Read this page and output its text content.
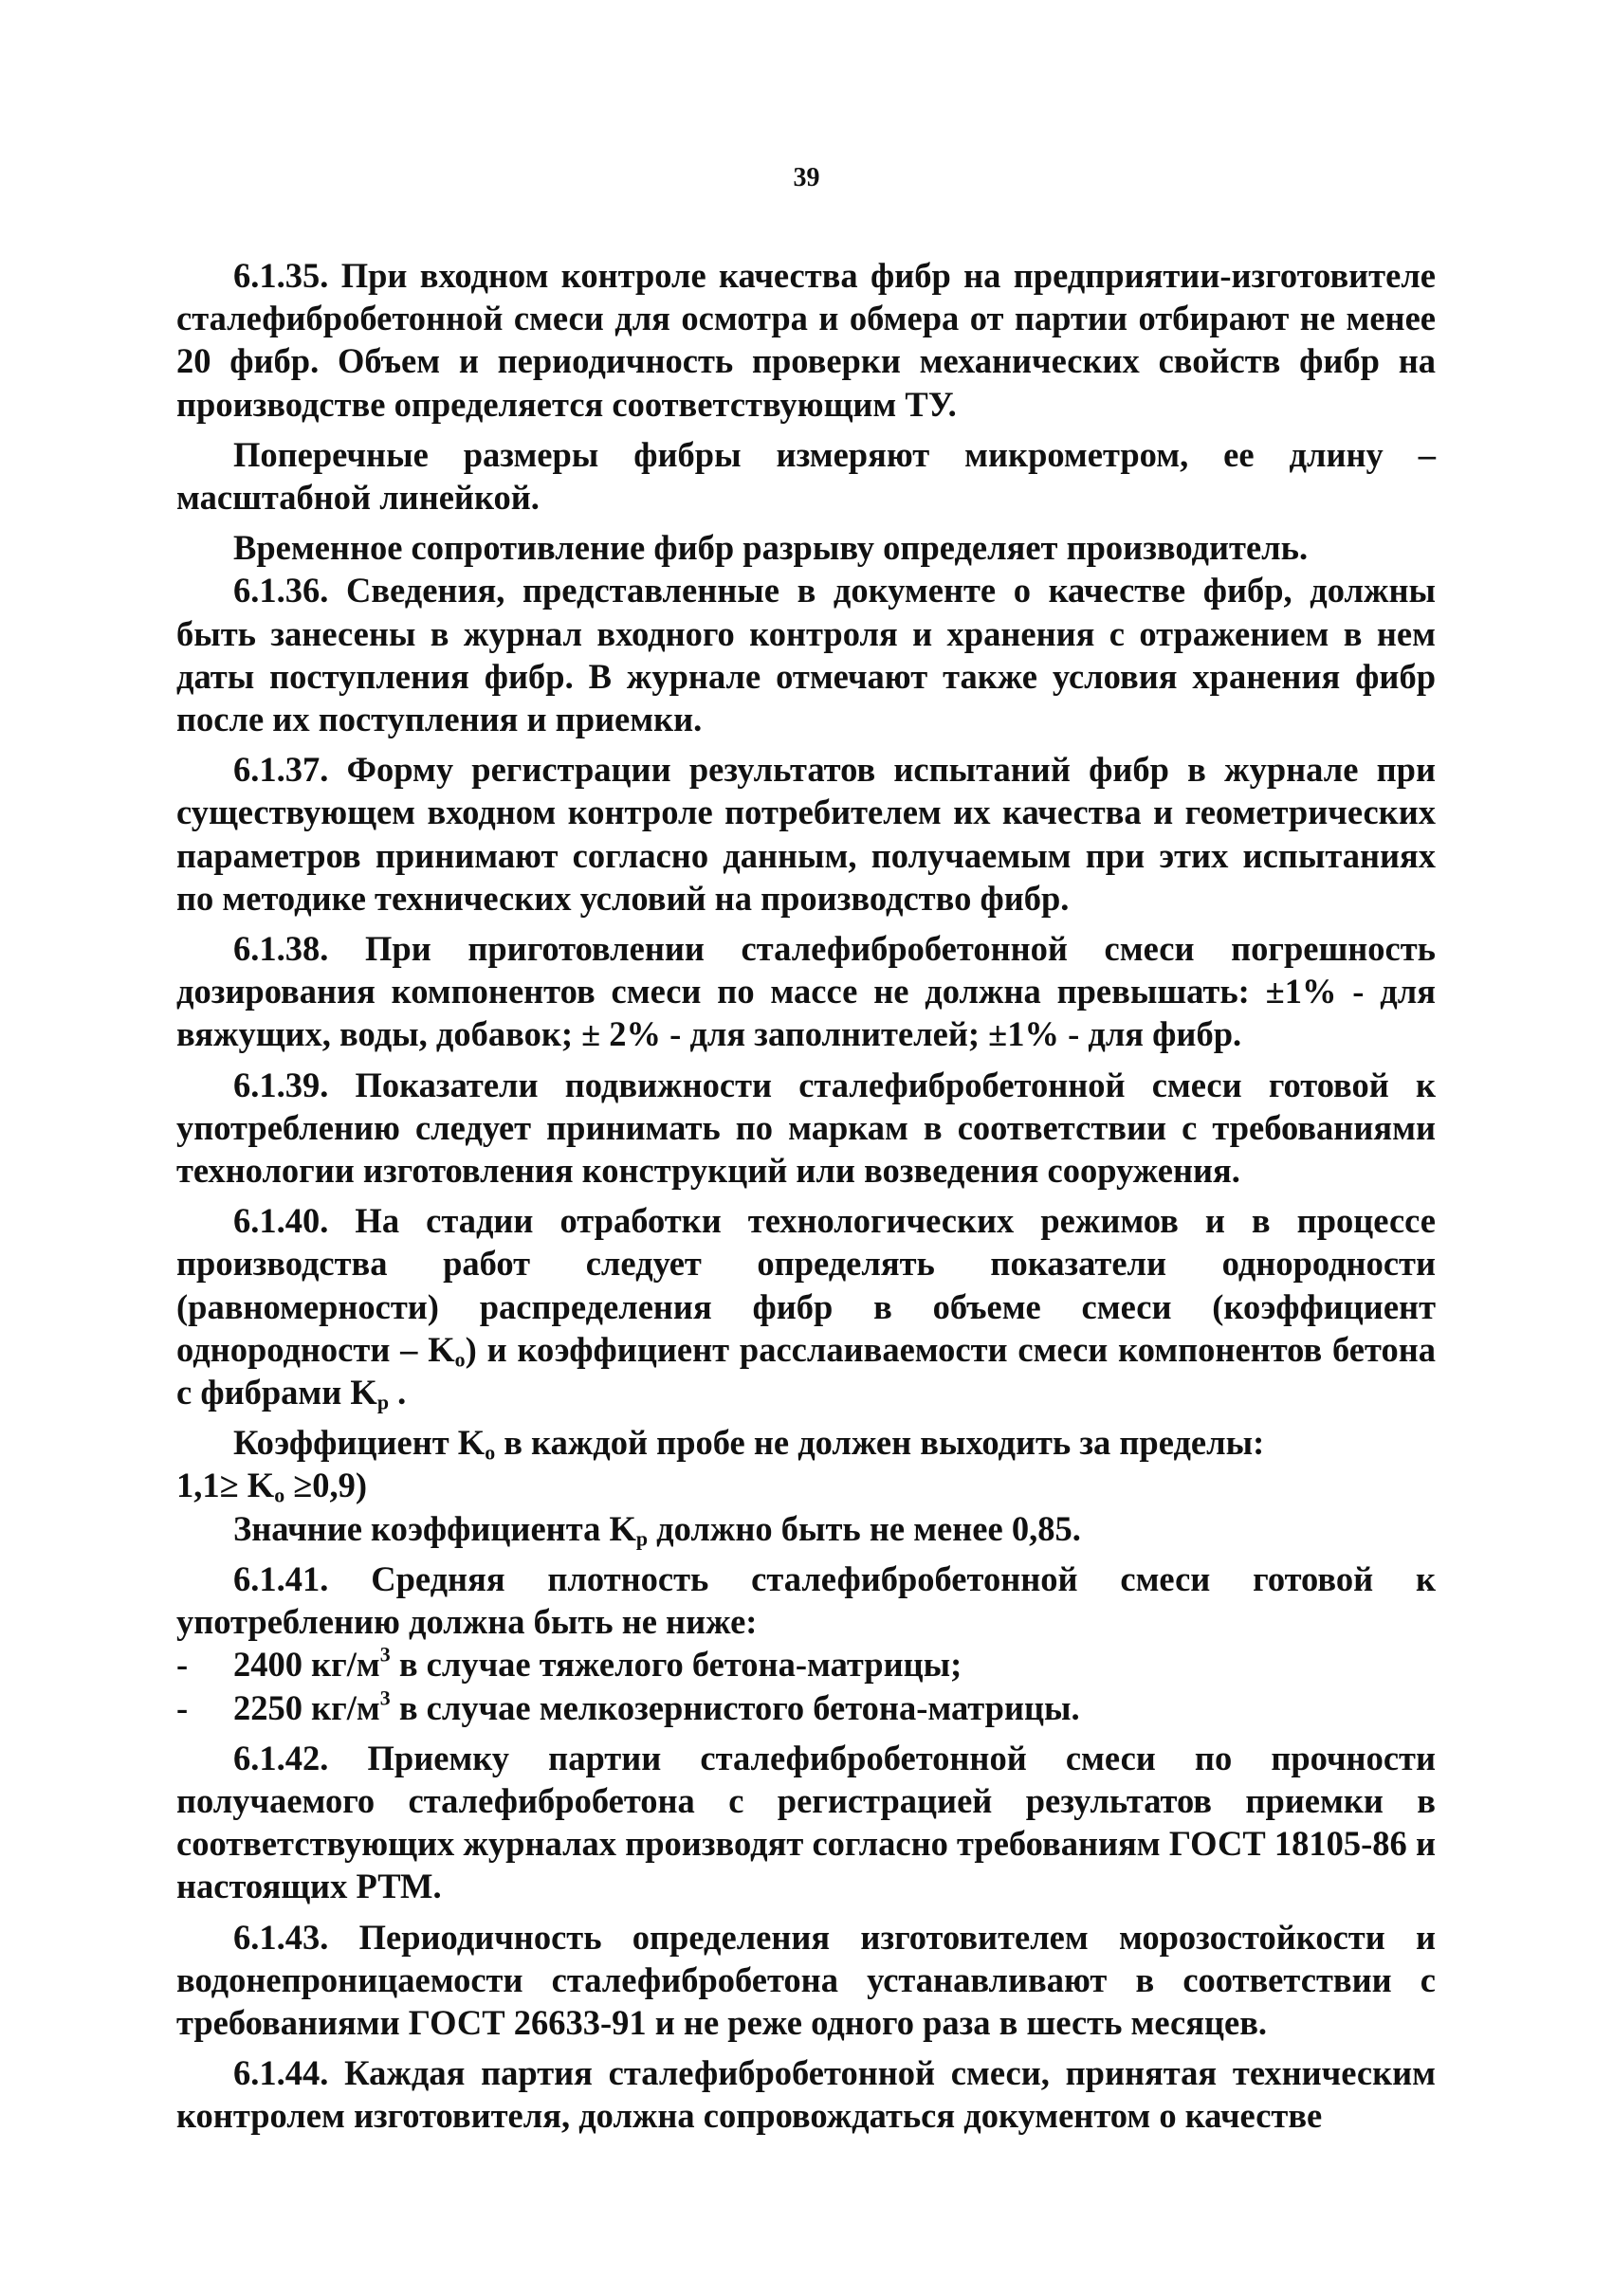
39

6.1.35. При входном контроле качества фибр на предприятии-изготовителе сталефибробетонной смеси для осмотра и обмера от партии отбирают не менее 20 фибр. Объем и периодичность проверки механических свойств фибр на производстве определяется соответствующим ТУ.

Поперечные размеры фибры измеряют микрометром, ее длину – масштабной линейкой.

Временное сопротивление фибр разрыву определяет производитель.

6.1.36. Сведения, представленные в документе о качестве фибр, должны быть занесены в журнал входного контроля и хранения с отражением в нем даты поступления фибр. В журнале отмечают также условия хранения фибр после их поступления и приемки.

6.1.37. Форму регистрации результатов испытаний фибр в журнале при существующем входном контроле потребителем их качества и геометрических параметров принимают согласно данным, получаемым при этих испытаниях по методике технических условий на производство фибр.

6.1.38. При приготовлении сталефибробетонной смеси погрешность дозирования компонентов смеси по массе не должна превышать: ±1% - для вяжущих, воды, добавок; ± 2% - для заполнителей; ±1% - для фибр.

6.1.39. Показатели подвижности сталефибробетонной смеси готовой к употреблению следует принимать по маркам в соответствии с требованиями технологии изготовления конструкций или возведения сооружения.

6.1.40. На стадии отработки технологических режимов и в процессе производства работ следует определять показатели однородности (равномерности) распределения фибр в объеме смеси (коэффициент однородности – $K_о$) и коэффициент расслаиваемости смеси компонентов бетона с фибрами $K_р$ .

Коэффициент $K_о$ в каждой пробе не должен выходить за пределы:

$1,1\ge K_о \ge 0,9$)

Значние коэффициента $K_р$ должно быть не менее 0,85.

6.1.41. Средняя плотность сталефибробетонной смеси готовой к употреблению должна быть не ниже:

-	2400 $кг/м^3$ в случае тяжелого бетона-матрицы;

-	2250 $кг/м^3$ в случае мелкозернистого бетона-матрицы.

6.1.42. Приемку партии сталефибробетонной смеси по прочности получаемого сталефибробетона с регистрацией результатов приемки в соответствующих журналах производят согласно требованиям ГОСТ 18105-86 и настоящих РТМ.

6.1.43. Периодичность определения изготовителем морозостойкости и водонепроницаемости сталефибробетона устанавливают в соответствии с требованиями ГОСТ 26633-91 и не реже одного раза в шесть месяцев.

6.1.44. Каждая партия сталефибробетонной смеси, принятая техническим контролем изготовителя, должна сопровождаться документом о качестве
